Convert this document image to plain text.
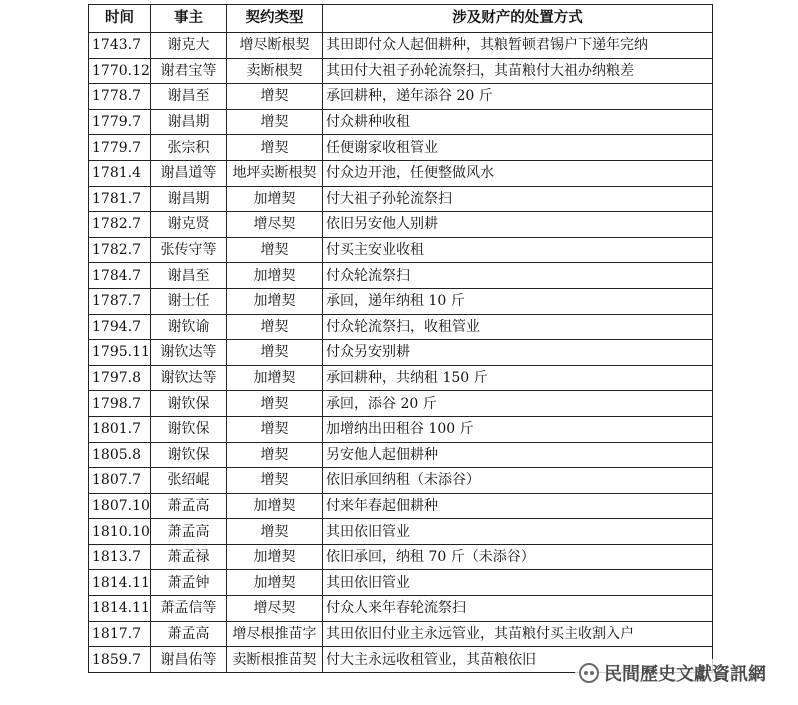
时间	事主	契约类型	涉及财产的处置方式
1743.7	谢克大	增尽断根契	其田即付众人起佃耕种，其粮暂顿君锡户下递年完纳
1770.12	谢君宝等	卖断根契	其田付大祖子孙轮流祭扫，其苗粮付大祖办纳粮差
1778.7	谢昌至	增契	承回耕种，递年添谷 20 斤
1779.7	谢昌期	增契	付众耕种收租
1779.7	张宗积	增契	任便谢家收租管业
1781.4	谢昌道等	地坪卖断根契	付众边开池，任便整做风水
1781.7	谢昌期	加增契	付大祖子孙轮流祭扫
1782.7	谢克贤	增尽契	依旧另安他人别耕
1782.7	张传守等	增契	付买主安业收租
1784.7	谢昌至	加增契	付众轮流祭扫
1787.7	谢士任	加增契	承回，递年纳租 10 斤
1794.7	谢钦谕	增契	付众轮流祭扫，收租管业
1795.11	谢钦达等	增契	付众另安别耕
1797.8	谢钦达等	加增契	承回耕种，共纳租 150 斤
1798.7	谢钦保	增契	承回，添谷 20 斤
1801.7	谢钦保	增契	加增纳出田租谷 100 斤
1805.8	谢钦保	增契	另安他人起佃耕种
1807.7	张绍崐	增契	依旧承回纳租（未添谷）
1807.10	萧孟高	加增契	付来年春起佃耕种
1810.10	萧孟高	增契	其田依旧管业
1813.7	萧孟禄	加增契	依旧承回，纳租 70 斤（未添谷）
1814.11	萧孟钟	加增契	其田依旧管业
1814.11	萧孟信等	增尽契	付众人来年春轮流祭扫
1817.7	萧孟高	增尽根推苗字	其田依旧付业主永远管业，其苗粮付买主收割入户
1859.7	谢昌佑等	卖断根推苗契	付大主永远收租管业，其苗粮依旧
民間歷史文獻資訊網
